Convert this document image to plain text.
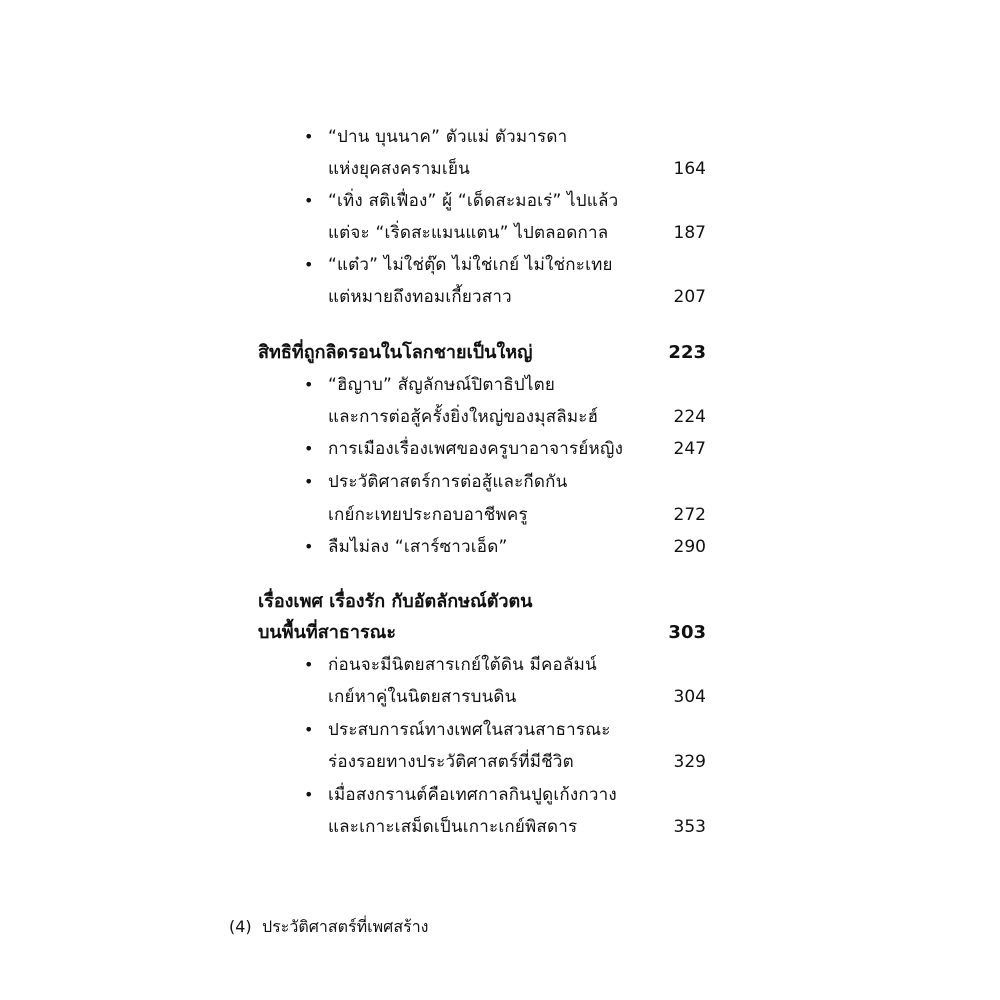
• “ปาน บุนนาค” ตัวแม่ ตัวมารดา
แห่งยุคสงครามเย็น	164
• “เทิ่ง สติเฟื่อง” ผู้ “เด็ดสะมอเร่” ไปแล้ว
แต่จะ “เริ่ดสะแมนแตน” ไปตลอดกาล	187
• “แต๋ว” ไม่ใช่ตุ๊ด ไม่ใช่เกย์ ไม่ใช่กะเทย
แต่หมายถึงทอมเกี้ยวสาว	207
สิทธิที่ถูกลิดรอนในโลกชายเป็นใหญ่	223
• “ฮิญาบ” สัญลักษณ์ปิตาธิปไตย
และการต่อสู้ครั้งยิ่งใหญ่ของมุสลิมะฮ์	224
• การเมืองเรื่องเพศของครูบาอาจารย์หญิง	247
• ประวัติศาสตร์การต่อสู้และกีดกัน
เกย์กะเทยประกอบอาชีพครู	272
• ลืมไม่ลง “เสาร์ซาวเอ็ด”	290
เรื่องเพศ เรื่องรัก กับอัตลักษณ์ตัวตน
บนพื้นที่สาธารณะ	303
• ก่อนจะมีนิตยสารเกย์ใต้ดิน มีคอลัมน์
เกย์หาคู่ในนิตยสารบนดิน	304
• ประสบการณ์ทางเพศในสวนสาธารณะ
ร่องรอยทางประวัติศาสตร์ที่มีชีวิต	329
• เมื่อสงกรานต์คือเทศกาลกินปูดูเก้งกวาง
และเกาะเสม็ดเป็นเกาะเกย์พิสดาร	353
(4) ประวัติศาสตร์ที่เพศสร้าง
